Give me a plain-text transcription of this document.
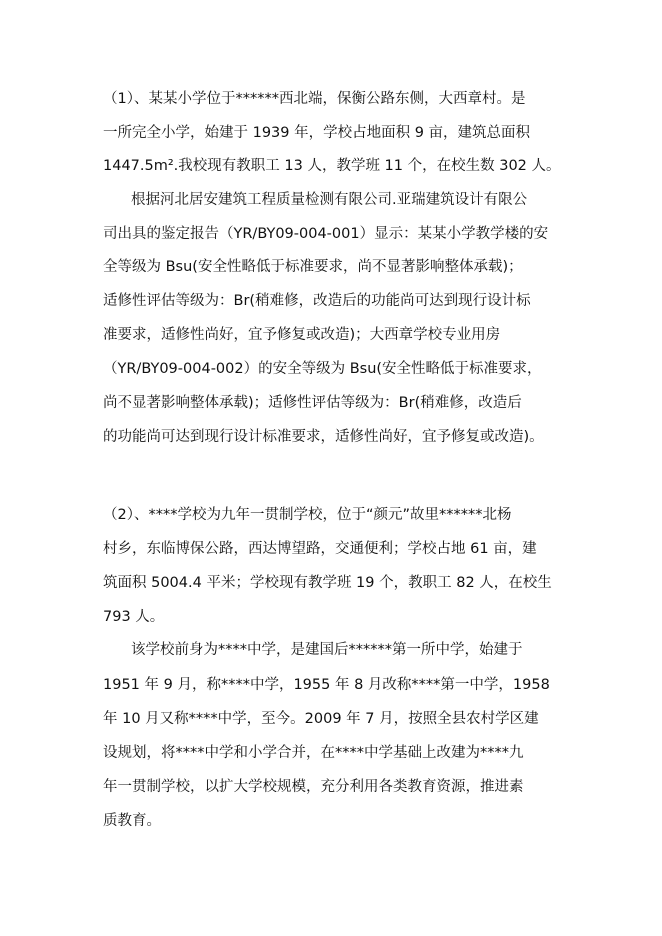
（1）、某某小学位于******西北端，保衡公路东侧，大西章村。是
一所完全小学，始建于 1939 年，学校占地面积 9 亩，建筑总面积
1447.5m².我校现有教职工 13 人，教学班 11 个，在校生数 302 人。
根据河北居安建筑工程质量检测有限公司.亚瑞建筑设计有限公
司出具的鉴定报告（YR/BY09-004-001）显示：某某小学教学楼的安
全等级为 Bsu(安全性略低于标准要求，尚不显著影响整体承载)；
适修性评估等级为：Br(稍难修，改造后的功能尚可达到现行设计标
准要求，适修性尚好，宜予修复或改造)；大西章学校专业用房
（YR/BY09-004-002）的安全等级为 Bsu(安全性略低于标准要求，
尚不显著影响整体承载)；适修性评估等级为：Br(稍难修，改造后
的功能尚可达到现行设计标准要求，适修性尚好，宜予修复或改造)。
（2）、****学校为九年一贯制学校，位于“颜元”故里******北杨
村乡，东临博保公路，西达博望路，交通便利；学校占地 61 亩，建
筑面积 5004.4 平米；学校现有教学班 19 个，教职工 82 人，在校生
793 人。
该学校前身为****中学，是建国后******第一所中学，始建于
1951 年 9 月，称****中学，1955 年 8 月改称****第一中学，1958
年 10 月又称****中学，至今。2009 年 7 月，按照全县农村学区建
设规划，将****中学和小学合并，在****中学基础上改建为****九
年一贯制学校，以扩大学校规模，充分利用各类教育资源，推进素
质教育。
